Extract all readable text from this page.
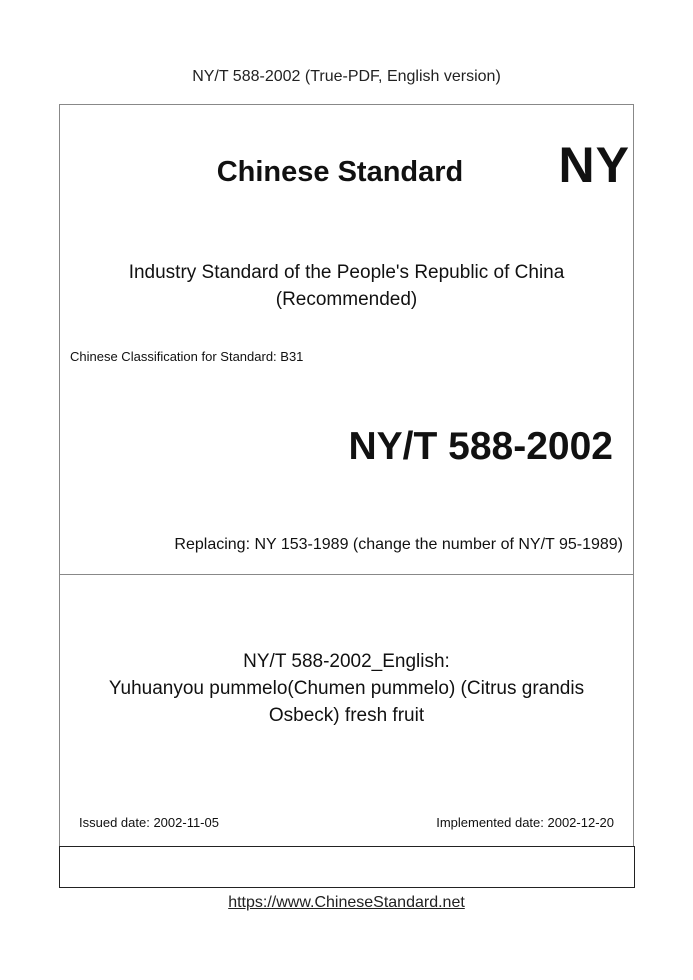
NY/T 588-2002 (True-PDF, English version)
Chinese Standard	NY
Industry Standard of the People's Republic of China
(Recommended)
Chinese Classification for Standard: B31
NY/T 588-2002
Replacing: NY 153-1989 (change the number of NY/T 95-1989)
NY/T 588-2002_English:
Yuhuanyou pummelo(Chumen pummelo) (Citrus grandis
Osbeck) fresh fruit
Issued date: 2002-11-05	Implemented date: 2002-12-20
https://www.ChineseStandard.net
